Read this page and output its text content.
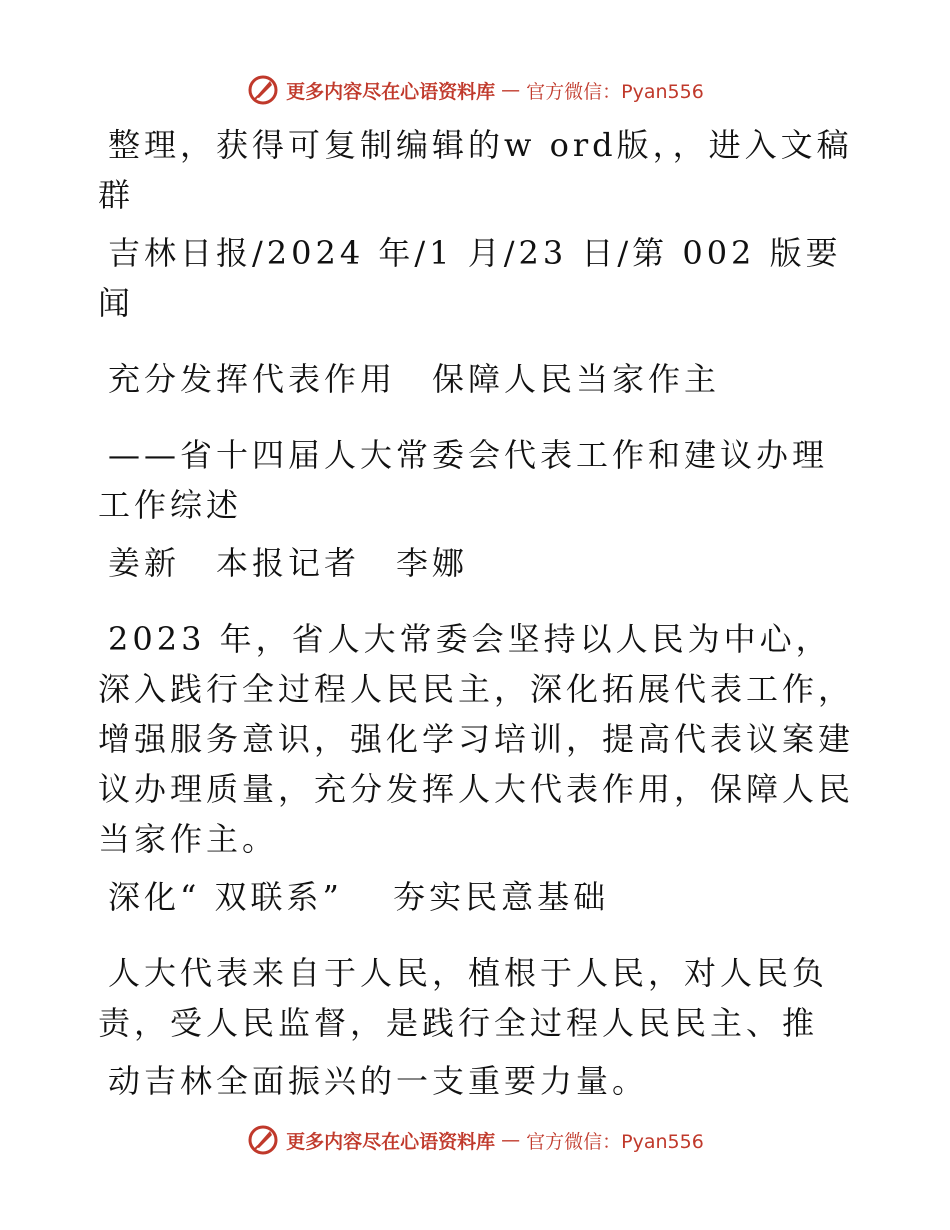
更多内容尽在心语资料库 — 官方微信：Pyan556

整理，获得可复制编辑的w ord版，，进入文稿群

吉林日报/2024 年/1 月/23 日/第 002 版要闻

充分发挥代表作用　保障人民当家作主

——省十四届人大常委会代表工作和建议办理工作综述

姜新　本报记者　李娜

2023 年，省人大常委会坚持以人民为中心，深入践行全过程人民民主，深化拓展代表工作，增强服务意识，强化学习培训，提高代表议案建议办理质量，充分发挥人大代表作用，保障人民当家作主。

深化“ 双联系”　 夯实民意基础

人大代表来自于人民，植根于人民，对人民负责，受人民监督，是践行全过程人民民主、推

动吉林全面振兴的一支重要力量。

更多内容尽在心语资料库 — 官方微信：Pyan556
